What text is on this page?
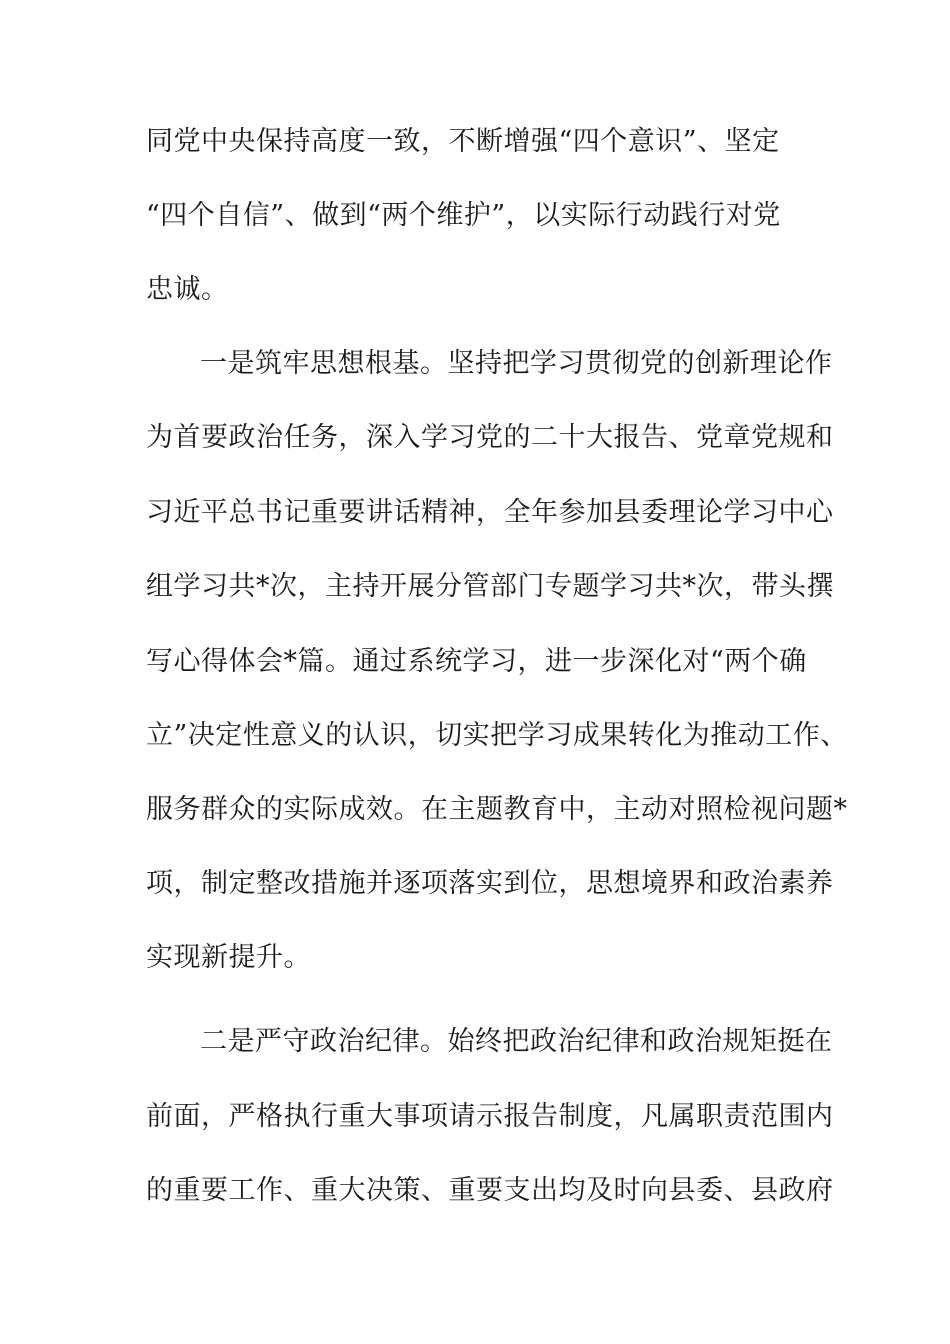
同党中央保持高度一致，不断增强“四个意识”、坚定
“四个自信”、做到“两个维护”，以实际行动践行对党
忠诚。
一是筑牢思想根基。坚持把学习贯彻党的创新理论作
为首要政治任务，深入学习党的二十大报告、党章党规和
习近平总书记重要讲话精神，全年参加县委理论学习中心
组学习共*次，主持开展分管部门专题学习共*次，带头撰
写心得体会*篇。通过系统学习，进一步深化对“两个确
立”决定性意义的认识，切实把学习成果转化为推动工作、
服务群众的实际成效。在主题教育中，主动对照检视问题*
项，制定整改措施并逐项落实到位，思想境界和政治素养
实现新提升。
二是严守政治纪律。始终把政治纪律和政治规矩挺在
前面，严格执行重大事项请示报告制度，凡属职责范围内
的重要工作、重大决策、重要支出均及时向县委、县政府
